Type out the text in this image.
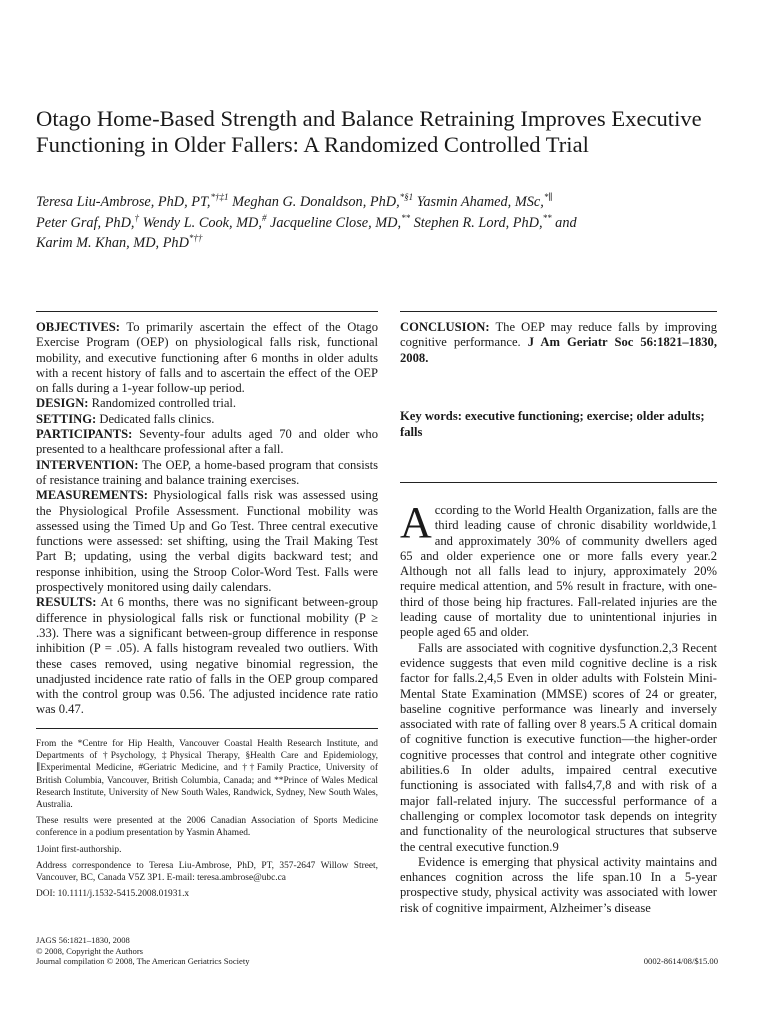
Otago Home-Based Strength and Balance Retraining Improves Executive Functioning in Older Fallers: A Randomized Controlled Trial

Teresa Liu-Ambrose, PhD, PT,$^{*\dagger\ddagger 1}$ Meghan G. Donaldson, PhD,$^{*\S 1}$ Yasmin Ahamed, MSc,*∥
Peter Graf, PhD,† Wendy L. Cook, MD,# Jacqueline Close, MD,** Stephen R. Lord, PhD,** and
Karim M. Khan, MD, PhD*††

OBJECTIVES: To primarily ascertain the effect of the Otago Exercise Program (OEP) on physiological falls risk, functional mobility, and executive functioning after 6 months in older adults with a recent history of falls and to ascertain the effect of the OEP on falls during a 1-year follow-up period.

DESIGN: Randomized controlled trial.

SETTING: Dedicated falls clinics.

PARTICIPANTS: Seventy-four adults aged 70 and older who presented to a healthcare professional after a fall.

INTERVENTION: The OEP, a home-based program that consists of resistance training and balance training exercises.

MEASUREMENTS: Physiological falls risk was assessed using the Physiological Profile Assessment. Functional mobility was assessed using the Timed Up and Go Test. Three central executive functions were assessed: set shifting, using the Trail Making Test Part B; updating, using the verbal digits backward test; and response inhibition, using the Stroop Color-Word Test. Falls were prospectively monitored using daily calendars.

RESULTS: At 6 months, there was no significant between-group difference in physiological falls risk or functional mobility (P ≥ .33). There was a significant between-group difference in response inhibition (P = .05). A falls histogram revealed two outliers. With these cases removed, using negative binomial regression, the unadjusted incidence rate ratio of falls in the OEP group compared with the control group was 0.56. The adjusted incidence rate ratio was 0.47.

CONCLUSION: The OEP may reduce falls by improving cognitive performance. J Am Geriatr Soc 56:1821–1830, 2008.

Key words: executive functioning; exercise; older adults; falls

According to the World Health Organization, falls are the third leading cause of chronic disability worldwide,1 and approximately 30% of community dwellers aged 65 and older experience one or more falls every year.2 Although not all falls lead to injury, approximately 20% require medical attention, and 5% result in fracture, with one-third of those being hip fractures. Fall-related injuries are the leading cause of mortality due to unintentional injuries in people aged 65 and older.

Falls are associated with cognitive dysfunction.2,3 Recent evidence suggests that even mild cognitive decline is a risk factor for falls.2,4,5 Even in older adults with Folstein Mini-Mental State Examination (MMSE) scores of 24 or greater, baseline cognitive performance was linearly and inversely associated with rate of falling over 8 years.5 A critical domain of cognitive function is executive function—the higher-order cognitive processes that control and integrate other cognitive abilities.6 In older adults, impaired central executive functioning is associated with falls4,7,8 and with risk of a major fall-related injury. The successful performance of a challenging or complex locomotor task depends on integrity and functionality of the neurological structures that subserve the central executive function.9

Evidence is emerging that physical activity maintains and enhances cognition across the life span.10 In a 5-year prospective study, physical activity was associated with lower risk of cognitive impairment, Alzheimer’s disease

From the *Centre for Hip Health, Vancouver Coastal Health Research Institute, and Departments of †Psychology, ‡Physical Therapy, §Health Care and Epidemiology, ∥Experimental Medicine, #Geriatric Medicine, and ††Family Practice, University of British Columbia, Vancouver, British Columbia, Canada; and **Prince of Wales Medical Research Institute, University of New South Wales, Randwick, Sydney, New South Wales, Australia.

These results were presented at the 2006 Canadian Association of Sports Medicine conference in a podium presentation by Yasmin Ahamed.

1Joint first-authorship.

Address correspondence to Teresa Liu-Ambrose, PhD, PT, 357-2647 Willow Street, Vancouver, BC, Canada V5Z 3P1. E-mail: teresa.ambrose@ubc.ca

DOI: 10.1111/j.1532-5415.2008.01931.x

JAGS 56:1821–1830, 2008
© 2008, Copyright the Authors
Journal compilation © 2008, The American Geriatrics Society	0002-8614/08/$15.00
